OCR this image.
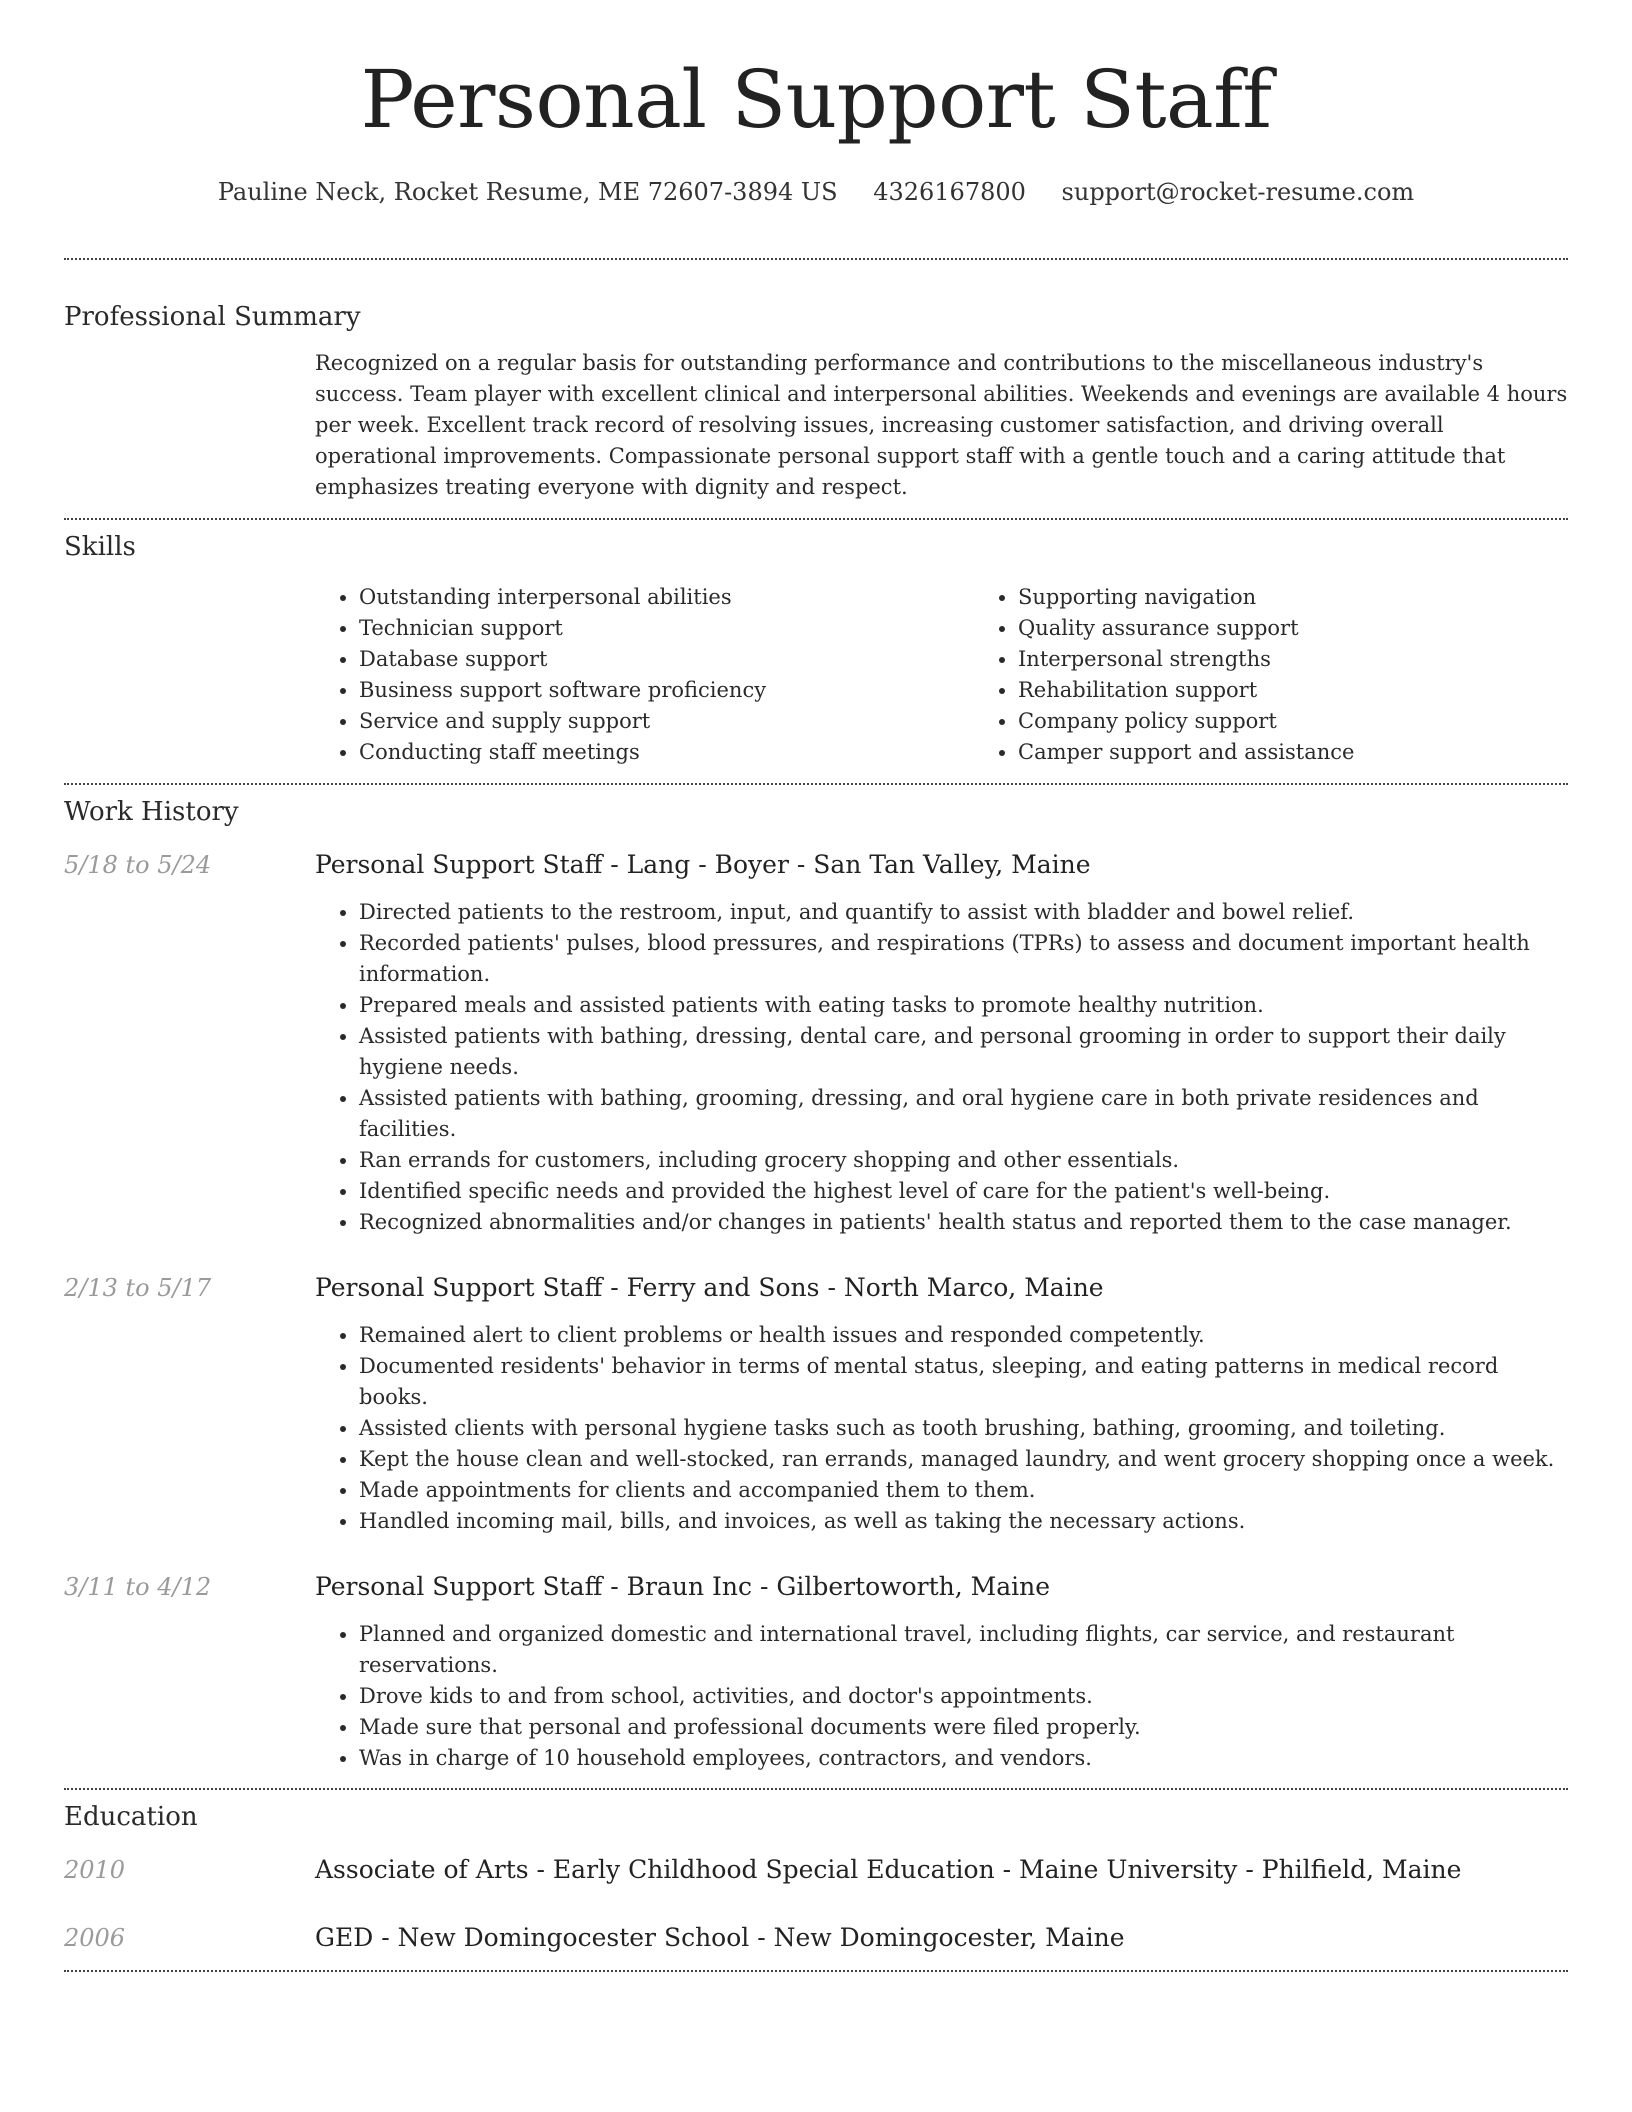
Personal Support Staff
Pauline Neck, Rocket Resume, ME 72607-3894 US 4326167800 support@rocket-resume.com
Professional Summary

Recognized on a regular basis for outstanding performance and contributions to the miscellaneous industry's success. Team player with excellent clinical and interpersonal abilities. Weekends and evenings are available 4 hours per week. Excellent track record of resolving issues, increasing customer satisfaction, and driving overall operational improvements. Compassionate personal support staff with a gentle touch and a caring attitude that emphasizes treating everyone with dignity and respect.

Skills
• Outstanding interpersonal abilities
• Technician support
• Database support
• Business support software proficiency
• Service and supply support
• Conducting staff meetings
• Supporting navigation
• Quality assurance support
• Interpersonal strengths
• Rehabilitation support
• Company policy support
• Camper support and assistance
Work History
5/18 to 5/24	Personal Support Staff - Lang - Boyer - San Tan Valley, Maine
• Directed patients to the restroom, input, and quantify to assist with bladder and bowel relief.
• Recorded patients' pulses, blood pressures, and respirations (TPRs) to assess and document important health information.
• Prepared meals and assisted patients with eating tasks to promote healthy nutrition.
• Assisted patients with bathing, dressing, dental care, and personal grooming in order to support their daily hygiene needs.
• Assisted patients with bathing, grooming, dressing, and oral hygiene care in both private residences and facilities.
• Ran errands for customers, including grocery shopping and other essentials.
• Identified specific needs and provided the highest level of care for the patient's well-being.
• Recognized abnormalities and/or changes in patients' health status and reported them to the case manager.
2/13 to 5/17	Personal Support Staff - Ferry and Sons - North Marco, Maine
• Remained alert to client problems or health issues and responded competently.
• Documented residents' behavior in terms of mental status, sleeping, and eating patterns in medical record books.
• Assisted clients with personal hygiene tasks such as tooth brushing, bathing, grooming, and toileting.
• Kept the house clean and well-stocked, ran errands, managed laundry, and went grocery shopping once a week.
• Made appointments for clients and accompanied them to them.
• Handled incoming mail, bills, and invoices, as well as taking the necessary actions.
3/11 to 4/12	Personal Support Staff - Braun Inc - Gilbertoworth, Maine
• Planned and organized domestic and international travel, including flights, car service, and restaurant reservations.
• Drove kids to and from school, activities, and doctor's appointments.
• Made sure that personal and professional documents were filed properly.
• Was in charge of 10 household employees, contractors, and vendors.
Education
2010	Associate of Arts - Early Childhood Special Education - Maine University - Philfield, Maine
2006	GED - New Domingocester School - New Domingocester, Maine
